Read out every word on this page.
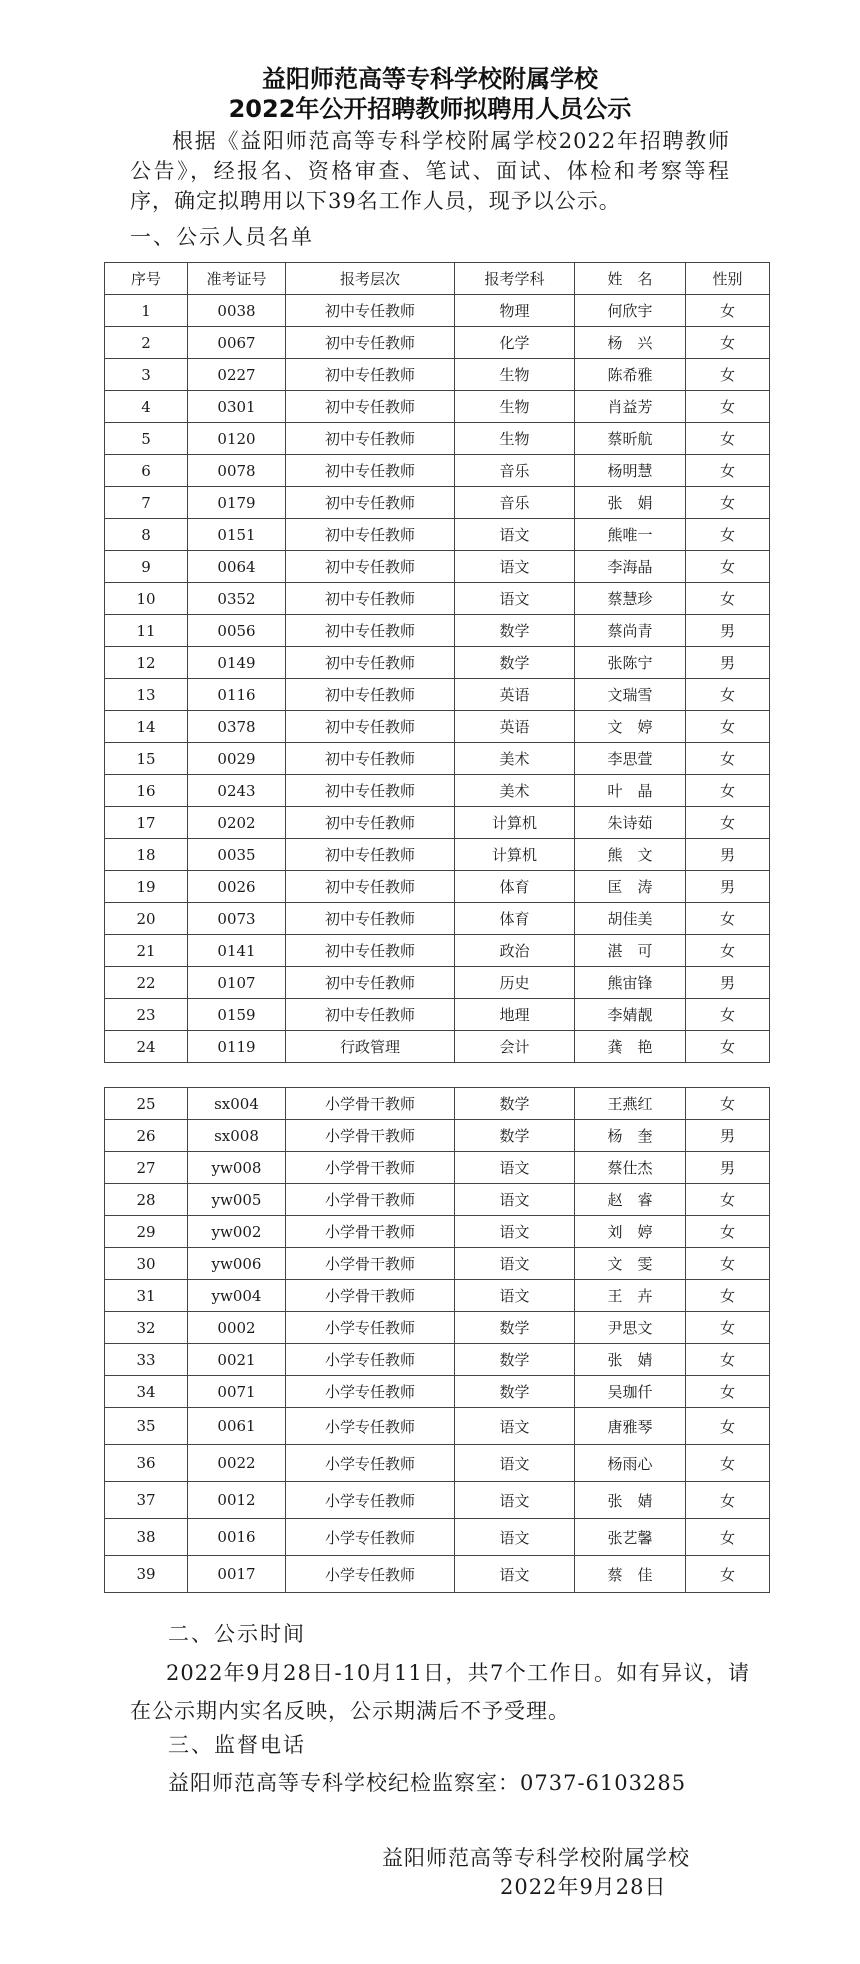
益阳师范高等专科学校附属学校
2022年公开招聘教师拟聘用人员公示
根据《益阳师范高等专科学校附属学校2022年招聘教师公告》，经报名、资格审查、笔试、面试、体检和考察等程序，确定拟聘用以下39名工作人员，现予以公示。
一、公示人员名单
序号	准考证号	报考层次	报考学科	姓　名	性别
1	0038	初中专任教师	物理	何欣宇	女
2	0067	初中专任教师	化学	杨　兴	女
3	0227	初中专任教师	生物	陈希雅	女
4	0301	初中专任教师	生物	肖益芳	女
5	0120	初中专任教师	生物	蔡昕航	女
6	0078	初中专任教师	音乐	杨明慧	女
7	0179	初中专任教师	音乐	张　娟	女
8	0151	初中专任教师	语文	熊唯一	女
9	0064	初中专任教师	语文	李海晶	女
10	0352	初中专任教师	语文	蔡慧珍	女
11	0056	初中专任教师	数学	蔡尚青	男
12	0149	初中专任教师	数学	张陈宁	男
13	0116	初中专任教师	英语	文瑞雪	女
14	0378	初中专任教师	英语	文　婷	女
15	0029	初中专任教师	美术	李思萱	女
16	0243	初中专任教师	美术	叶　晶	女
17	0202	初中专任教师	计算机	朱诗茹	女
18	0035	初中专任教师	计算机	熊　文	男
19	0026	初中专任教师	体育	匡　涛	男
20	0073	初中专任教师	体育	胡佳美	女
21	0141	初中专任教师	政治	湛　可	女
22	0107	初中专任教师	历史	熊宙锋	男
23	0159	初中专任教师	地理	李婧靓	女
24	0119	行政管理	会计	龚　艳	女
25	sx004	小学骨干教师	数学	王燕红	女
26	sx008	小学骨干教师	数学	杨　奎	男
27	yw008	小学骨干教师	语文	蔡仕杰	男
28	yw005	小学骨干教师	语文	赵　睿	女
29	yw002	小学骨干教师	语文	刘　婷	女
30	yw006	小学骨干教师	语文	文　雯	女
31	yw004	小学骨干教师	语文	王　卉	女
32	0002	小学专任教师	数学	尹思文	女
33	0021	小学专任教师	数学	张　婧	女
34	0071	小学专任教师	数学	吴珈仟	女
35	0061	小学专任教师	语文	唐雅琴	女
36	0022	小学专任教师	语文	杨雨心	女
37	0012	小学专任教师	语文	张　婧	女
38	0016	小学专任教师	语文	张艺馨	女
39	0017	小学专任教师	语文	蔡　佳	女
二、公示时间
2022年9月28日-10月11日，共7个工作日。如有异议，请在公示期内实名反映，公示期满后不予受理。
三、监督电话
益阳师范高等专科学校纪检监察室：0737-6103285
益阳师范高等专科学校附属学校
2022年9月28日
